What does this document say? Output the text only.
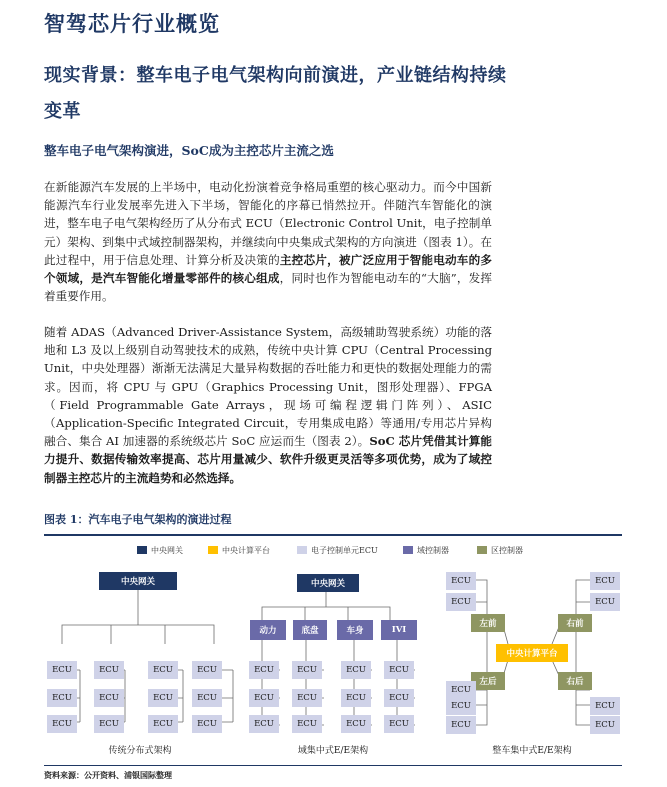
智驾芯片行业概览
现实背景：整车电子电气架构向前演进，产业链结构持续变革
整车电子电气架构演进，SoC成为主控芯片主流之选
在新能源汽车发展的上半场中，电动化扮演着竞争格局重塑的核心驱动力。而今中国新能源汽车行业发展率先进入下半场，智能化的序幕已悄然拉开。伴随汽车智能化的演进，整车电子电气架构经历了从分布式 ECU（Electronic Control Unit，电子控制单元）架构、到集中式域控制器架构，并继续向中央集成式架构的方向演进（图表 1）。在此过程中，用于信息处理、计算分析及决策的主控芯片，被广泛应用于智能电动车的多个领域，是汽车智能化增量零部件的核心组成，同时也作为智能电动车的“大脑”，发挥着重要作用。
随着 ADAS（Advanced Driver-Assistance System，高级辅助驾驶系统）功能的落地和 L3 及以上级别自动驾驶技术的成熟，传统中央计算 CPU（Central Processing Unit，中央处理器）渐渐无法满足大量异构数据的吞吐能力和更快的数据处理能力的需求。因而，将 CPU 与 GPU（Graphics Processing Unit，图形处理器）、FPGA（Field Programmable Gate Arrays，现场可编程逻辑门阵列）、ASIC（Application-Specific Integrated Circuit，专用集成电路）等通用/专用芯片异构融合、集合 AI 加速器的系统级芯片 SoC 应运而生（图表 2）。SoC 芯片凭借其计算能力提升、数据传输效率提高、芯片用量减少、软件升级更灵活等多项优势，成为了域控制器主控芯片的主流趋势和必然选择。
图表 1：汽车电子电气架构的演进过程
中央网关	中央计算平台	电子控制单元ECU	域控制器	区控制器
中央网关
ECU
ECU
ECU
ECU
ECU
ECU
ECU
ECU
ECU
ECU
ECU
ECU
传统分布式架构
中央网关
动力	底盘	车身	IVI
ECU
ECU
ECU
ECU
ECU
ECU
ECU
ECU
ECU
ECU
ECU
ECU
域集中式E/E架构
ECU
ECU
ECU
ECU
左前	右前
中央计算平台
左后	右后
ECU
ECU
ECU
ECU
ECU
整车集中式E/E架构
资料来源：公开资料、浦银国际整理
